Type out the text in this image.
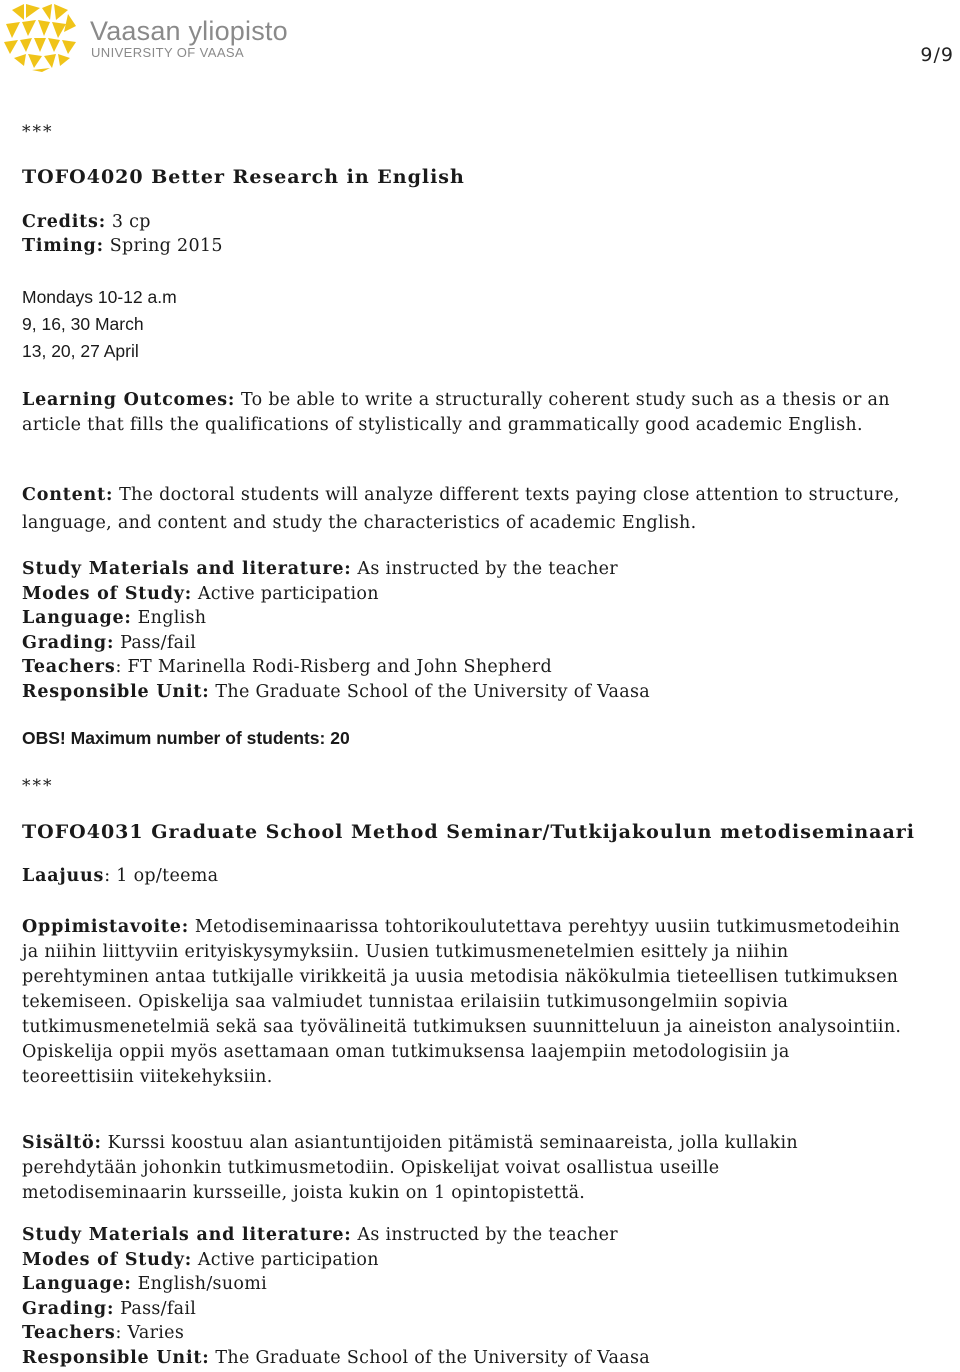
Vaasan yliopisto
UNIVERSITY OF VAASA	9/9
***
TOFO4020 Better Research in English
Credits: 3 cp
Timing: Spring 2015
Mondays 10-12 a.m
9, 16, 30 March
13, 20, 27 April
Learning Outcomes: To be able to write a structurally coherent study such as a thesis or an article that fills the qualifications of stylistically and grammatically good academic English.
Content: The doctoral students will analyze different texts paying close attention to structure, language, and content and study the characteristics of academic English.
Study Materials and literature: As instructed by the teacher
Modes of Study: Active participation
Language: English
Grading: Pass/fail
Teachers: FT Marinella Rodi-Risberg and John Shepherd
Responsible Unit: The Graduate School of the University of Vaasa
OBS! Maximum number of students: 20
***
TOFO4031 Graduate School Method Seminar/Tutkijakoulun metodiseminaari
Laajuus: 1 op/teema
Oppimistavoite: Metodiseminaarissa tohtorikoulutettava perehtyy uusiin tutkimusmetodeihin ja niihin liittyviin erityiskysymyksiin. Uusien tutkimusmenetelmien esittely ja niihin perehtyminen antaa tutkijalle virikkeitä ja uusia metodisia näkökulmia tieteellisen tutkimuksen tekemiseen. Opiskelija saa valmiudet tunnistaa erilaisiin tutkimusongelmiin sopivia tutkimusmenetelmiä sekä saa työvälineitä tutkimuksen suunnitteluun ja aineiston analysointiin. Opiskelija oppii myös asettamaan oman tutkimuksensa laajempiin metodologisiin ja teoreettisiin viitekehyksiin.
Sisältö: Kurssi koostuu alan asiantuntijoiden pitämistä seminaareista, jolla kullakin perehdytään johonkin tutkimusmetodiin. Opiskelijat voivat osallistua useille metodiseminaarin kursseille, joista kukin on 1 opintopistettä.
Study Materials and literature: As instructed by the teacher
Modes of Study: Active participation
Language: English/suomi
Grading: Pass/fail
Teachers: Varies
Responsible Unit: The Graduate School of the University of Vaasa
